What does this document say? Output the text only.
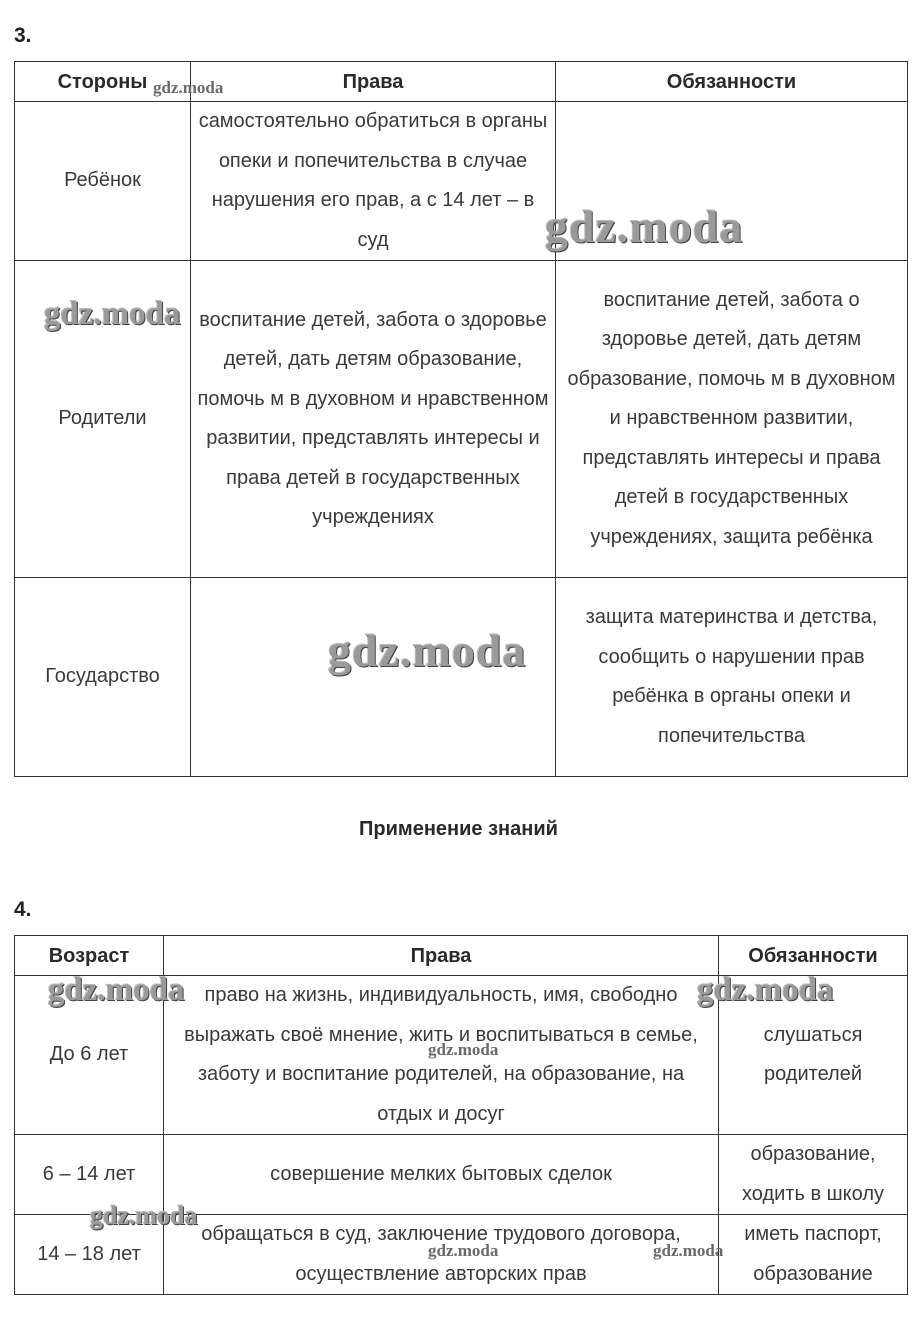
3.
Стороны	Права	Обязанности
Ребёнок	самостоятельно обратиться в органы опеки и попечительства в случае нарушения его прав, а с 14 лет – в суд	
Родители	воспитание детей, забота о здоровье детей, дать детям образование, помочь м в духовном и нравственном развитии, представлять интересы и права детей в государственных учреждениях	воспитание детей, забота о здоровье детей, дать детям образование, помочь м в духовном и нравственном развитии, представлять интересы и права детей в государственных учреждениях, защита ребёнка
Государство		защита материнства и детства, сообщить о нарушении прав ребёнка в органы опеки и попечительства
Применение знаний
4.
Возраст	Права	Обязанности
До 6 лет	право на жизнь, индивидуальность, имя, свободно выражать своё мнение, жить и воспитываться в семье, заботу и воспитание родителей, на образование, на отдых и досуг	слушаться родителей
6 – 14 лет	совершение мелких бытовых сделок	образование, ходить в школу
14 – 18 лет	обращаться в суд, заключение трудового договора, осуществление авторских прав	иметь паспорт, образование
gdz.moda
gdz.moda
gdz.moda
gdz.moda
gdz.moda	gdz.moda
gdz.moda
gdz.moda
gdz.moda	gdz.moda
